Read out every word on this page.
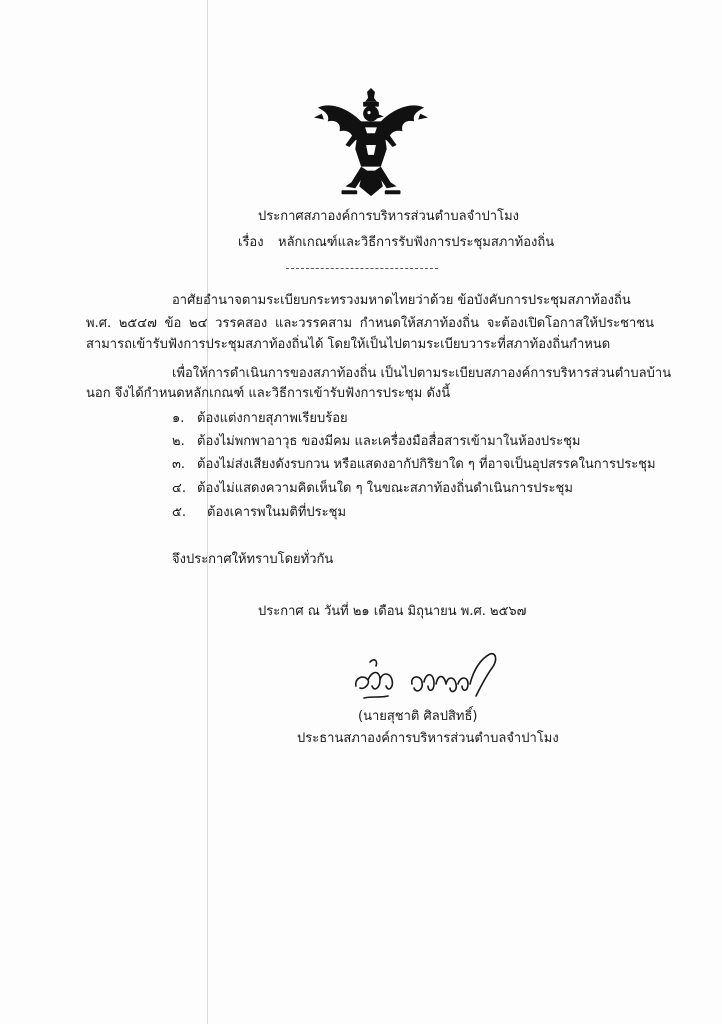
ประกาศสภาองค์การบริหารส่วนตำบลจำปาโมง
เรื่อง หลักเกณฑ์และวิธีการรับฟังการประชุมสภาท้องถิ่น
อาศัยอำนาจตามระเบียบกระทรวงมหาดไทยว่าด้วย ข้อบังคับการประชุมสภาท้องถิ่น
พ.ศ. ๒๕๔๗ ข้อ ๒๔ วรรคสอง และวรรคสาม กำหนดให้สภาท้องถิ่น จะต้องเปิดโอกาสให้ประชาชนสามารถเข้ารับฟังการประชุมสภาท้องถิ่นได้ โดยให้เป็นไปตามระเบียบวาระที่สภาท้องถิ่นกำหนด
เพื่อให้การดำเนินการของสภาท้องถิ่น เป็นไปตามระเบียบสภาองค์การบริหารส่วนตำบลบ้าน
นอก จึงได้กำหนดหลักเกณฑ์ และวิธีการเข้ารับฟังการประชุม ดังนี้
๑. ต้องแต่งกายสุภาพเรียบร้อย
๒. ต้องไม่พกพาอาวุธ ของมีคม และเครื่องมือสื่อสารเข้ามาในห้องประชุม
๓. ต้องไม่ส่งเสียงดังรบกวน หรือแสดงอากัปกิริยาใด ๆ ที่อาจเป็นอุปสรรคในการประชุม
๔. ต้องไม่แสดงความคิดเห็นใด ๆ ในขณะสภาท้องถิ่นดำเนินการประชุม
๕. ต้องเคารพในมติที่ประชุม
จึงประกาศให้ทราบโดยทั่วกัน
ประกาศ ณ วันที่ ๒๑ เดือน มิถุนายน พ.ศ. ๒๕๖๗
(นายสุชาติ ศิลปสิทธิ์)
ประธานสภาองค์การบริหารส่วนตำบลจำปาโมง
